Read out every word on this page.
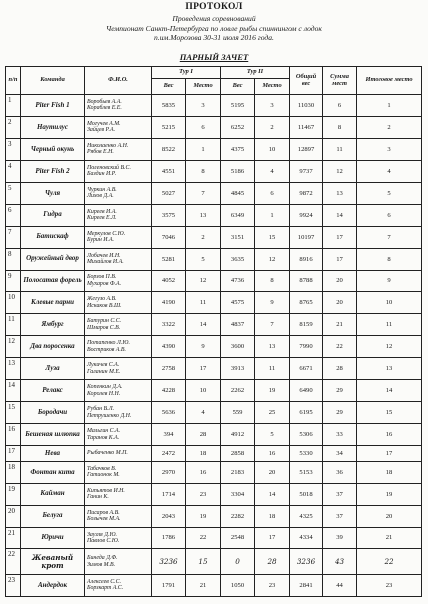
ПРОТОКОЛ
Проведения соревнований
Чемпионат Санкт-Петербурга по ловле рыбы спиннингом с лодок
п.им.Морозова 30-31 июля 2016 года.
ПАРНЫЙ ЗАЧЕТ
п/п	Команда	Ф.И.О.	Тур I		Тур II		Общий вес	Сумма мест	Итоговое место
			Вес	Место	Вес	Место			
1	Piter Fish 1	Воробьев А.А.
Кораблев Е.Е.	5835	3	5195	3	11030	6	1
2	Наутилус	Могучев А.М.
Зайцев Р.А.	5215	6	6252	2	11467	8	2
3	Черный окунь	Николаенко А.Н.
Рябов Е.Н.	8522	1	4375	10	12897	11	3
4	Piter Fish 2	Поленовский В.С.
Баздин И.Р.	4551	8	5186	4	9737	12	4
5	Чуля	Чуркин А.В.
Лихов Д.А.	5027	7	4845	6	9872	13	5
6	Гидра	Киреев И.А.
Киреев Е.Л.	3575	13	6349	1	9924	14	6
7	Батискаф	Меркулов С.Ю.
Бурин И.А.	7046	2	3151	15	10197	17	7
8	Оружейный двор	Лобачев И.Н.
Михайлов И.А.	5281	5	3635	12	8916	17	8
9	Полосатая форель	Борзов П.В.
Мухаров Ф.А.	4052	12	4736	8	8788	20	9
10	Клевые парни	Жегузо А.В.
Искаков В.Ш.	4190	11	4575	9	8765	20	10
11	Ямбург	Батурин С.С.
Шмаров С.В.	3322	14	4837	7	8159	21	11
12	Два поросенка	Потапенко Л.Ю.
Востриков А.В.	4390	9	3600	13	7990	22	12
13	Луза	Лукичев С.А.
Галанин М.Е.	2758	17	3913	11	6671	28	13
14	Релакс	Копенкин Д.А.
Королев Н.Н.	4228	10	2262	19	6490	29	14
15	Бородачи	Рубан В.Л.
Петрушенко Д.Н.	5636	4	559	25	6195	29	15
16	Бешеная шлюпка	Мальгин С.А.
Таранов К.А.	394	28	4912	5	5306	33	16
17	Нева	Рыбаченко М.П.	2472	18	2858	16	5330	34	17
18	Фонтан кита	Табачков В.
Гатионок М.	2970	16	2183	20	5153	36	18
19	Кайман	Кипьятов И.Н.
Ганин К.	1714	23	3304	14	5018	37	19
20	Белуга	Писаров А.В.
Бозычев М.А.	2043	19	2282	18	4325	37	20
21	Юричи	Заузля Д.Ю.
Павлов С.Ю.	1786	22	2548	17	4334	39	21
22	Жеваный крот	Бинеда Д.Ф.
Зимов М.В.	3236	15	0	28	3236	43	22
23	Андердок	Алексеев С.С.
Борзкарт А.С.	1791	21	1050	23	2841	44	23
